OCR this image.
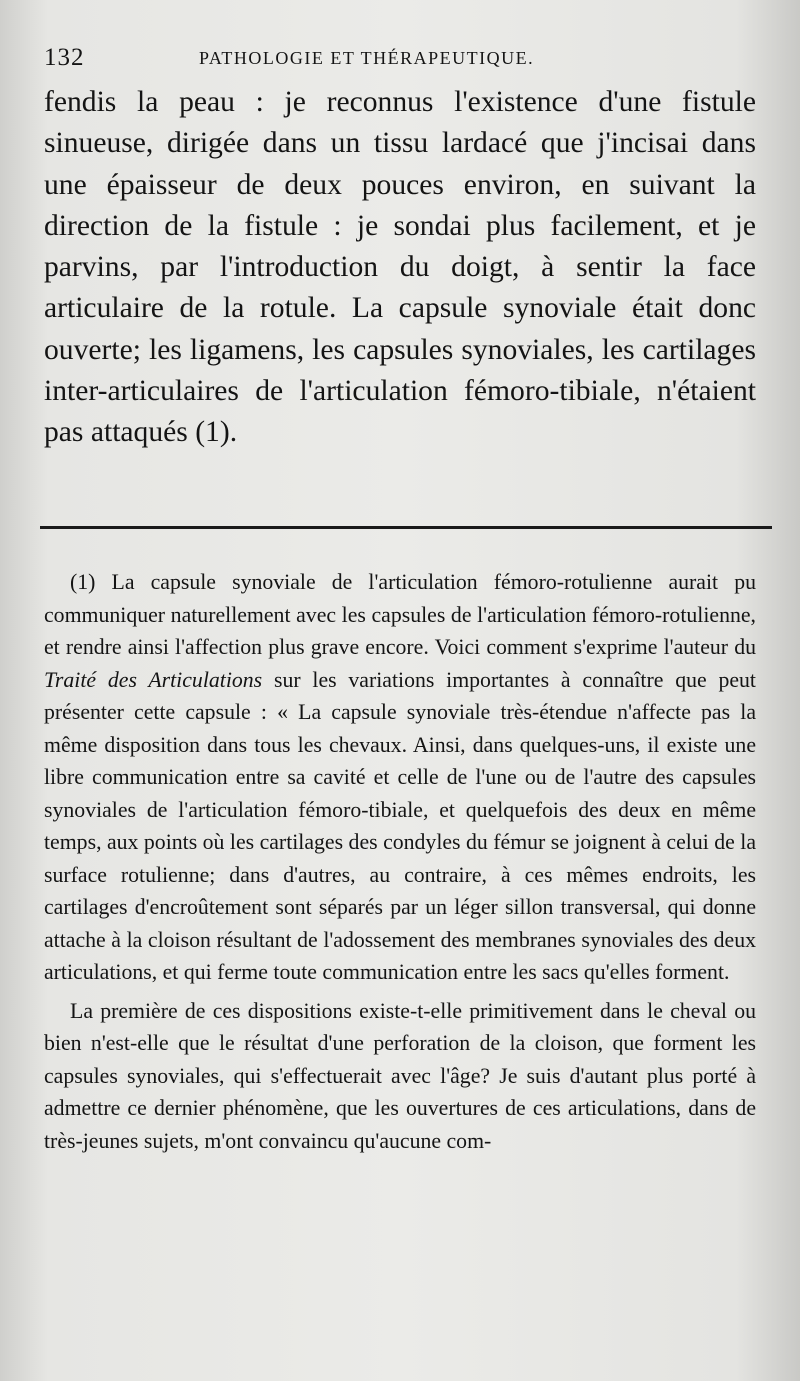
132	PATHOLOGIE ET THÉRAPEUTIQUE.

fendis la peau : je reconnus l'existence d'une fistule sinueuse, dirigée dans un tissu lardacé que j'incisai dans une épaisseur de deux pouces environ, en suivant la direction de la fistule : je sondai plus facilement, et je parvins, par l'introduction du doigt, à sentir la face articulaire de la rotule. La capsule synoviale était donc ouverte; les ligamens, les capsules synoviales, les cartilages inter-articulaires de l'articulation fémoro-tibiale, n'étaient pas attaqués (1).

(1) La capsule synoviale de l'articulation fémoro-rotulienne aurait pu communiquer naturellement avec les capsules de l'articulation fémoro-rotulienne, et rendre ainsi l'affection plus grave encore. Voici comment s'exprime l'auteur du Traité des Articulations sur les variations importantes à connaître que peut présenter cette capsule : « La capsule synoviale très-étendue n'affecte pas la même disposition dans tous les chevaux. Ainsi, dans quelques-uns, il existe une libre communication entre sa cavité et celle de l'une ou de l'autre des capsules synoviales de l'articulation fémoro-tibiale, et quelquefois des deux en même temps, aux points où les cartilages des condyles du fémur se joignent à celui de la surface rotulienne; dans d'autres, au contraire, à ces mêmes endroits, les cartilages d'encroûtement sont séparés par un léger sillon transversal, qui donne attache à la cloison résultant de l'adossement des membranes synoviales des deux articulations, et qui ferme toute communication entre les sacs qu'elles forment.

La première de ces dispositions existe-t-elle primitivement dans le cheval ou bien n'est-elle que le résultat d'une perforation de la cloison, que forment les capsules synoviales, qui s'effectuerait avec l'âge? Je suis d'autant plus porté à admettre ce dernier phénomène, que les ouvertures de ces articulations, dans de très-jeunes sujets, m'ont convaincu qu'aucune com-
